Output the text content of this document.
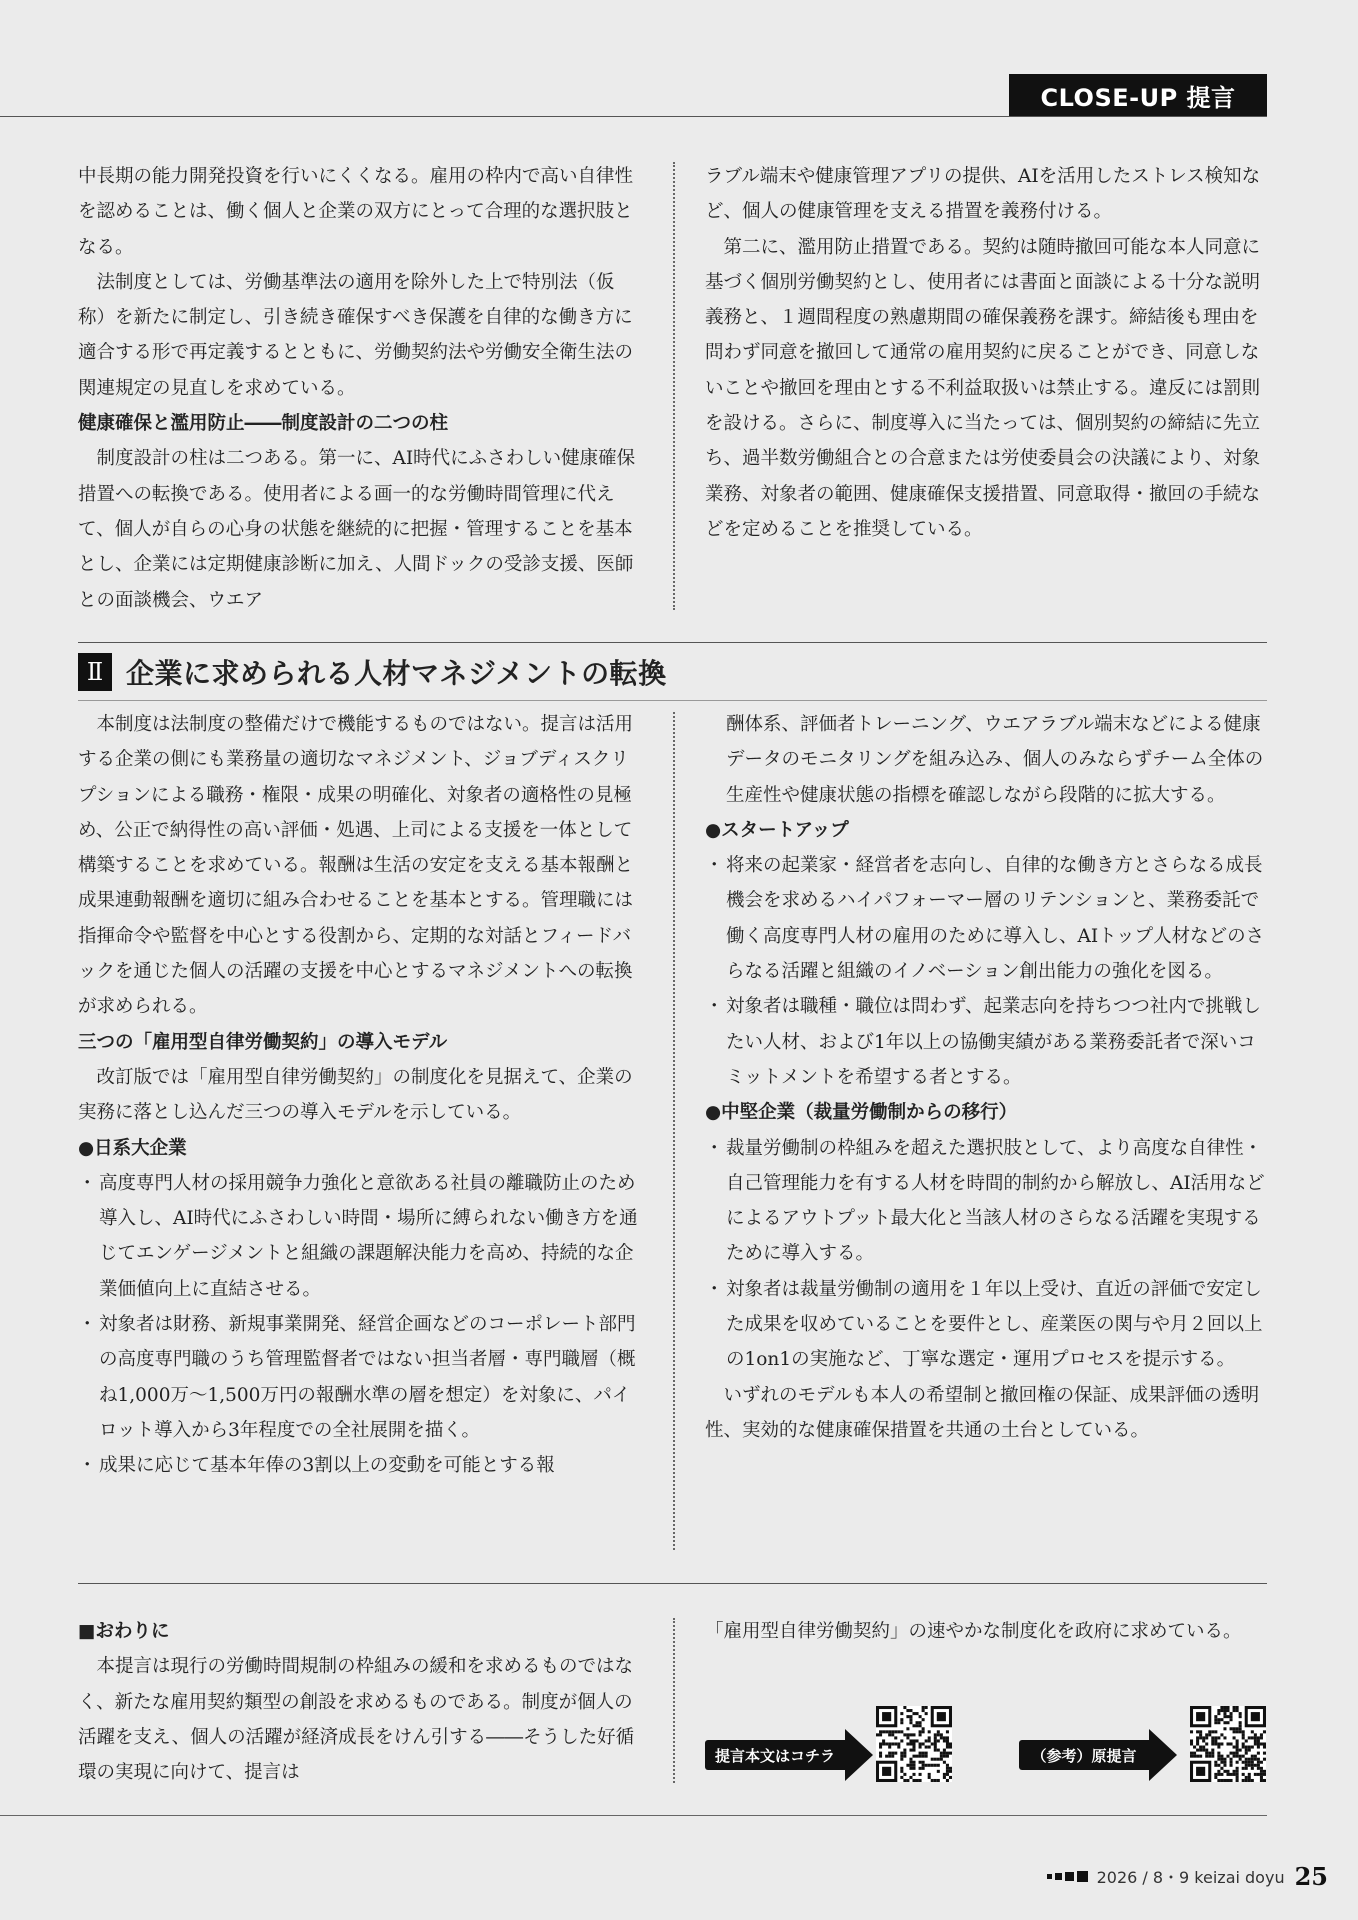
CLOSE-UP 提言

中長期の能力開発投資を行いにくくなる。雇用の枠内で高い自律性を認めることは、働く個人と企業の双方にとって合理的な選択肢となる。

法制度としては、労働基準法の適用を除外した上で特別法（仮称）を新たに制定し、引き続き確保すべき保護を自律的な働き方に適合する形で再定義するとともに、労働契約法や労働安全衛生法の関連規定の見直しを求めている。

健康確保と濫用防止――制度設計の二つの柱

制度設計の柱は二つある。第一に、AI時代にふさわしい健康確保措置への転換である。使用者による画一的な労働時間管理に代えて、個人が自らの心身の状態を継続的に把握・管理することを基本とし、企業には定期健康診断に加え、人間ドックの受診支援、医師との面談機会、ウエア

ラブル端末や健康管理アプリの提供、AIを活用したストレス検知など、個人の健康管理を支える措置を義務付ける。

第二に、濫用防止措置である。契約は随時撤回可能な本人同意に基づく個別労働契約とし、使用者には書面と面談による十分な説明義務と、１週間程度の熟慮期間の確保義務を課す。締結後も理由を問わず同意を撤回して通常の雇用契約に戻ることができ、同意しないことや撤回を理由とする不利益取扱いは禁止する。違反には罰則を設ける。さらに、制度導入に当たっては、個別契約の締結に先立ち、過半数労働組合との合意または労使委員会の決議により、対象業務、対象者の範囲、健康確保支援措置、同意取得・撤回の手続などを定めることを推奨している。

Ⅱ 企業に求められる人材マネジメントの転換

本制度は法制度の整備だけで機能するものではない。提言は活用する企業の側にも業務量の適切なマネジメント、ジョブディスクリプションによる職務・権限・成果の明確化、対象者の適格性の見極め、公正で納得性の高い評価・処遇、上司による支援を一体として構築することを求めている。報酬は生活の安定を支える基本報酬と成果連動報酬を適切に組み合わせることを基本とする。管理職には指揮命令や監督を中心とする役割から、定期的な対話とフィードバックを通じた個人の活躍の支援を中心とするマネジメントへの転換が求められる。

三つの「雇用型自律労働契約」の導入モデル

改訂版では「雇用型自律労働契約」の制度化を見据えて、企業の実務に落とし込んだ三つの導入モデルを示している。

●日系大企業

・ 高度専門人材の採用競争力強化と意欲ある社員の離職防止のため導入し、AI時代にふさわしい時間・場所に縛られない働き方を通じてエンゲージメントと組織の課題解決能力を高め、持続的な企業価値向上に直結させる。

・ 対象者は財務、新規事業開発、経営企画などのコーポレート部門の高度専門職のうち管理監督者ではない担当者層・専門職層（概ね1,000万～1,500万円の報酬水準の層を想定）を対象に、パイロット導入から3年程度での全社展開を描く。

・ 成果に応じて基本年俸の3割以上の変動を可能とする報

酬体系、評価者トレーニング、ウエアラブル端末などによる健康データのモニタリングを組み込み、個人のみならずチーム全体の生産性や健康状態の指標を確認しながら段階的に拡大する。

●スタートアップ

・ 将来の起業家・経営者を志向し、自律的な働き方とさらなる成長機会を求めるハイパフォーマー層のリテンションと、業務委託で働く高度専門人材の雇用のために導入し、AIトップ人材などのさらなる活躍と組織のイノベーション創出能力の強化を図る。

・ 対象者は職種・職位は問わず、起業志向を持ちつつ社内で挑戦したい人材、および1年以上の協働実績がある業務委託者で深いコミットメントを希望する者とする。

●中堅企業（裁量労働制からの移行）

・ 裁量労働制の枠組みを超えた選択肢として、より高度な自律性・自己管理能力を有する人材を時間的制約から解放し、AI活用などによるアウトプット最大化と当該人材のさらなる活躍を実現するために導入する。

・ 対象者は裁量労働制の適用を１年以上受け、直近の評価で安定した成果を収めていることを要件とし、産業医の関与や月２回以上の1on1の実施など、丁寧な選定・運用プロセスを提示する。

いずれのモデルも本人の希望制と撤回権の保証、成果評価の透明性、実効的な健康確保措置を共通の土台としている。

■おわりに

本提言は現行の労働時間規制の枠組みの緩和を求めるものではなく、新たな雇用契約類型の創設を求めるものである。制度が個人の活躍を支え、個人の活躍が経済成長をけん引する――そうした好循環の実現に向けて、提言は

「雇用型自律労働契約」の速やかな制度化を政府に求めている。

提言本文はコチラ	（参考）原提言
2026 / 8・9 keizai doyu 25
